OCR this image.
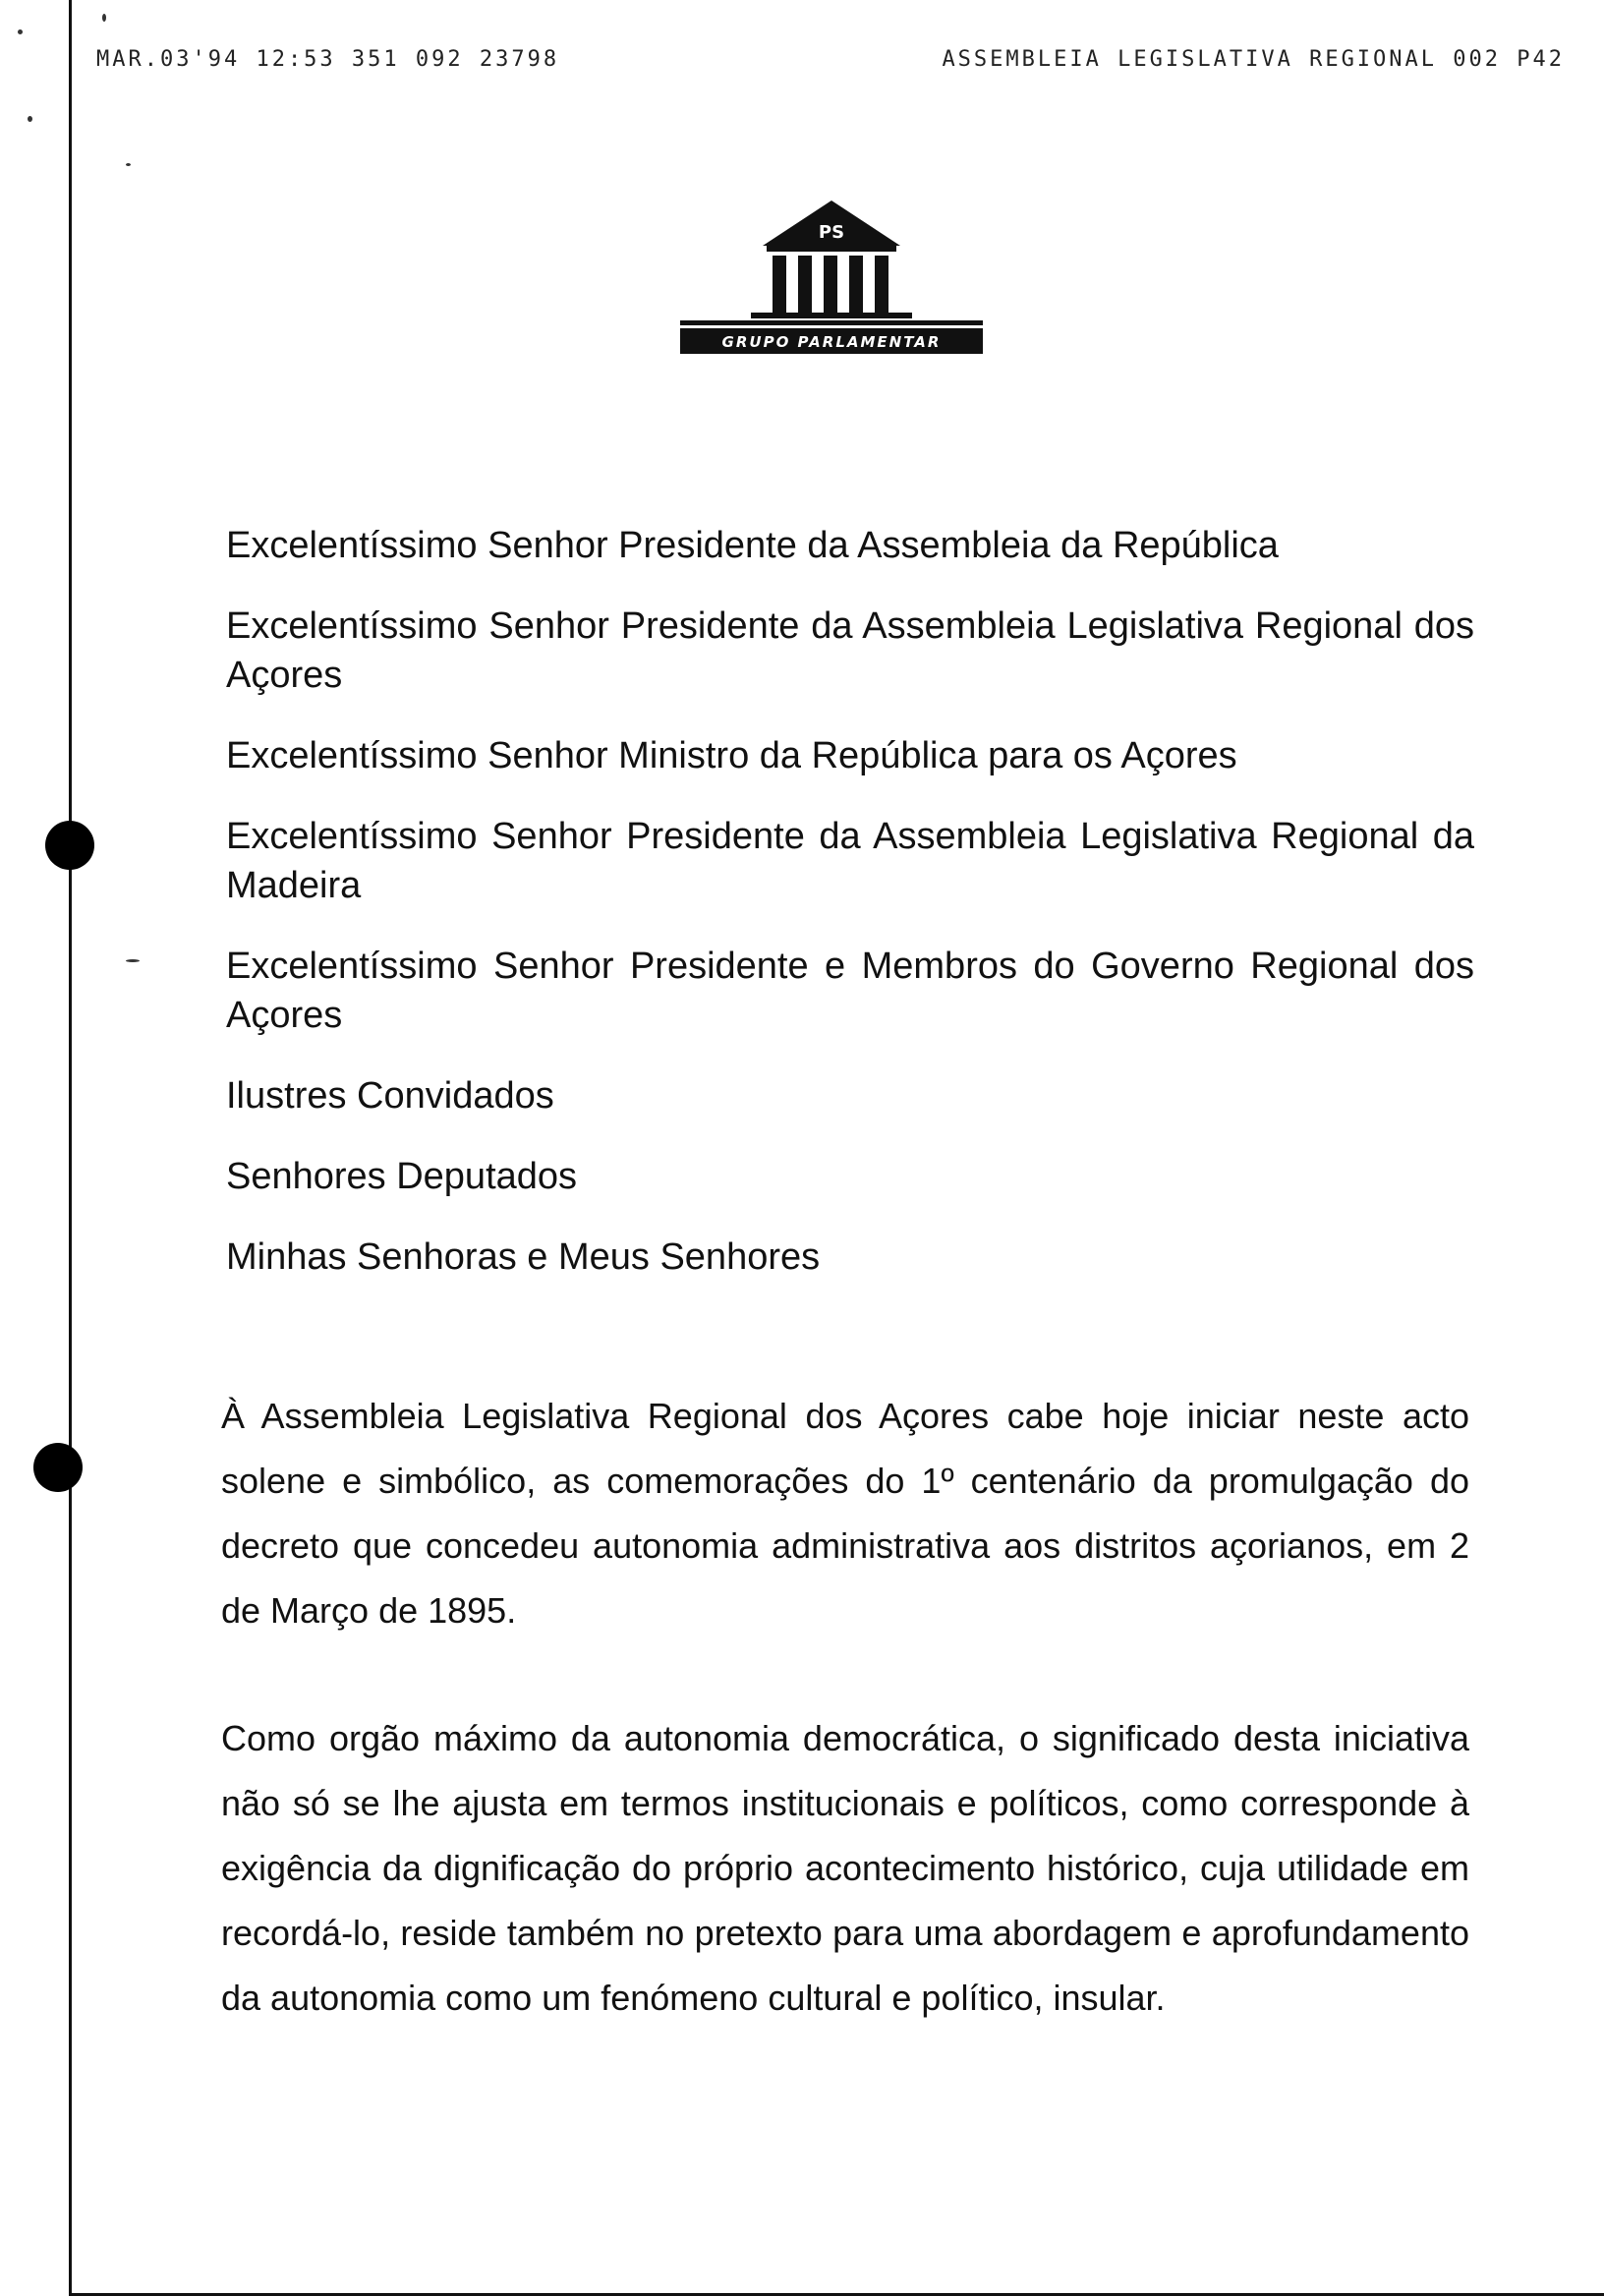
MAR.03'94 12:53 351 092 23798	ASSEMBLEIA LEGISLATIVA REGIONAL 002 P42
PS
GRUPO PARLAMENTAR

Excelentíssimo Senhor Presidente da Assembleia da República

Excelentíssimo Senhor Presidente da Assembleia Legislativa Regional dos Açores

Excelentíssimo Senhor Ministro da República para os Açores

Excelentíssimo Senhor Presidente da Assembleia Legislativa Regional da Madeira

Excelentíssimo Senhor Presidente e Membros do Governo Regional dos Açores

Ilustres Convidados

Senhores Deputados

Minhas Senhoras e Meus Senhores

À Assembleia Legislativa Regional dos Açores cabe hoje iniciar neste acto solene e simbólico, as comemorações do 1º centenário da promulgação do decreto que concedeu autonomia administrativa aos distritos açorianos, em 2 de Março de 1895.

Como orgão máximo da autonomia democrática, o significado desta iniciativa não só se lhe ajusta em termos institucionais e políticos, como corresponde à exigência da dignificação do próprio acontecimento histórico, cuja utilidade em recordá-lo, reside também no pretexto para uma abordagem e aprofundamento da autonomia como um fenómeno cultural e político, insular.
